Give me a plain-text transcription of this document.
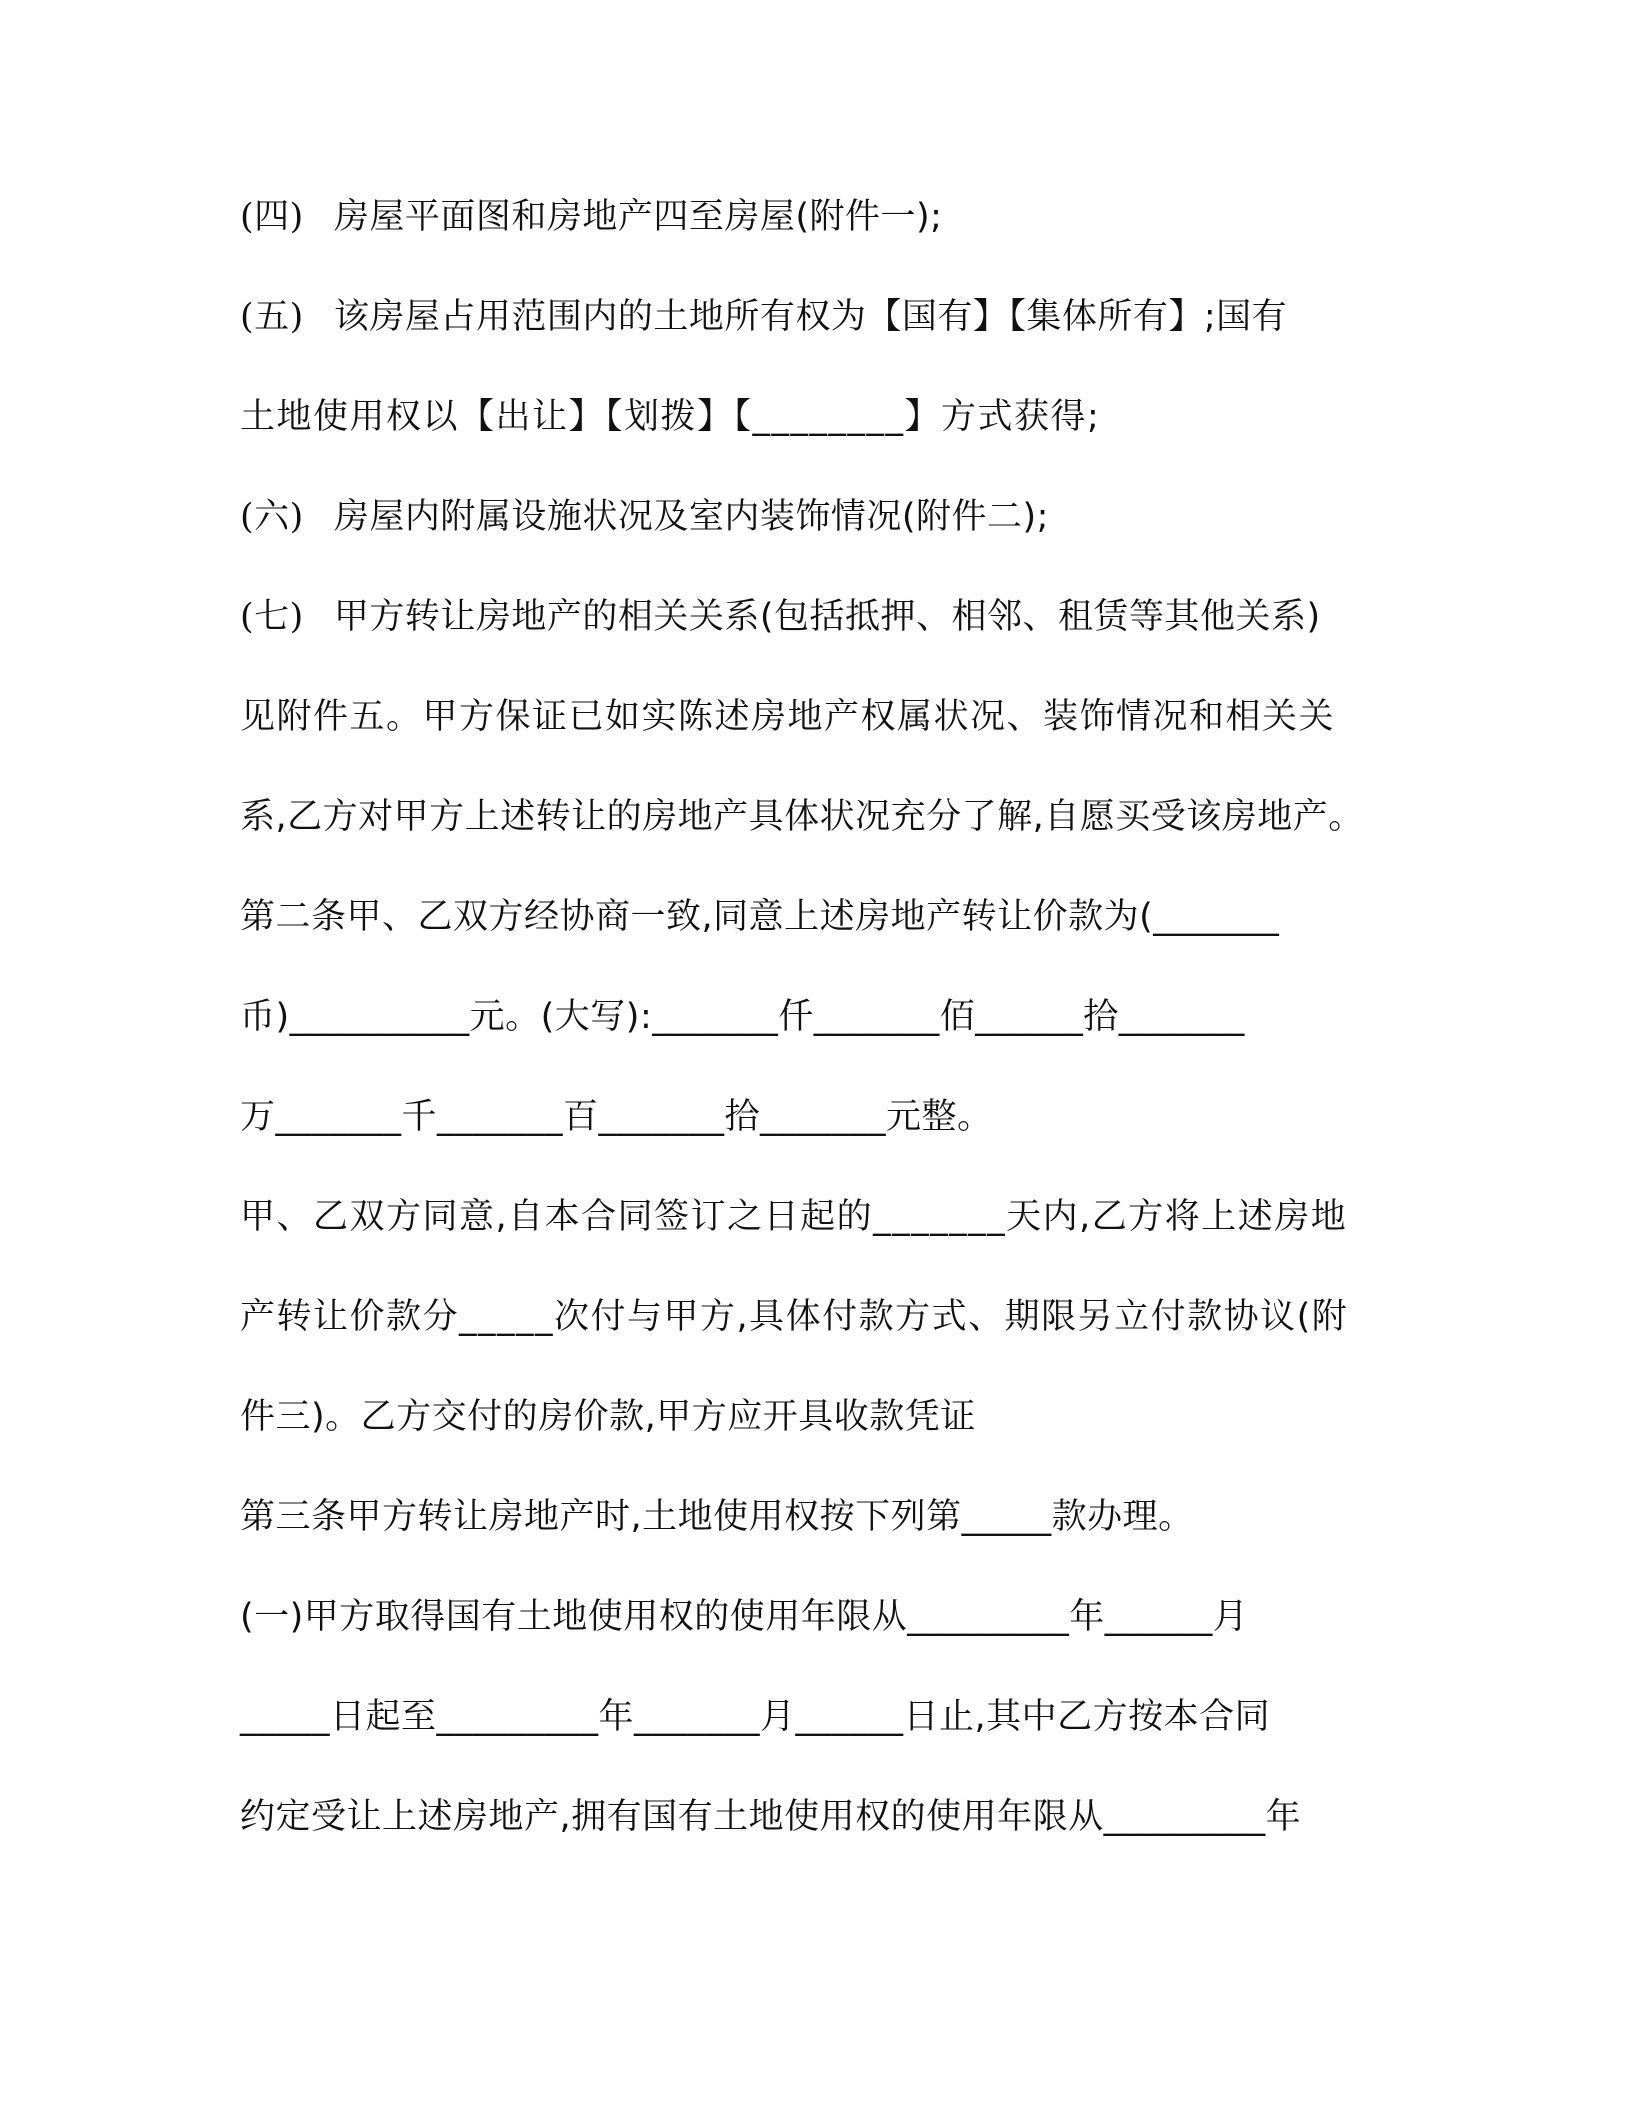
(四) 房屋平面图和房地产四至房屋(附件一);
(五) 该房屋占用范围内的土地所有权为【国有】【集体所有】;国有
土地使用权以【出让】【划拨】【________】方式获得;
(六) 房屋内附属设施状况及室内装饰情况(附件二);
(七) 甲方转让房地产的相关关系(包括抵押、相邻、租赁等其他关系)
见附件五。甲方保证已如实陈述房地产权属状况、装饰情况和相关关
系,乙方对甲方上述转让的房地产具体状况充分了解,自愿买受该房地产。
第二条甲、乙双方经协商一致,同意上述房地产转让价款为(_______
币)__________元。(大写):_______仟_______佰______拾_______
万_______千_______百_______拾_______元整。
甲、乙双方同意,自本合同签订之日起的_______天内,乙方将上述房地
产转让价款分_____次付与甲方,具体付款方式、期限另立付款协议(附
件三)。乙方交付的房价款,甲方应开具收款凭证
第三条甲方转让房地产时,土地使用权按下列第_____款办理。
(一)甲方取得国有土地使用权的使用年限从_________年______月
_____日起至_________年_______月______日止,其中乙方按本合同
约定受让上述房地产,拥有国有土地使用权的使用年限从_________年
